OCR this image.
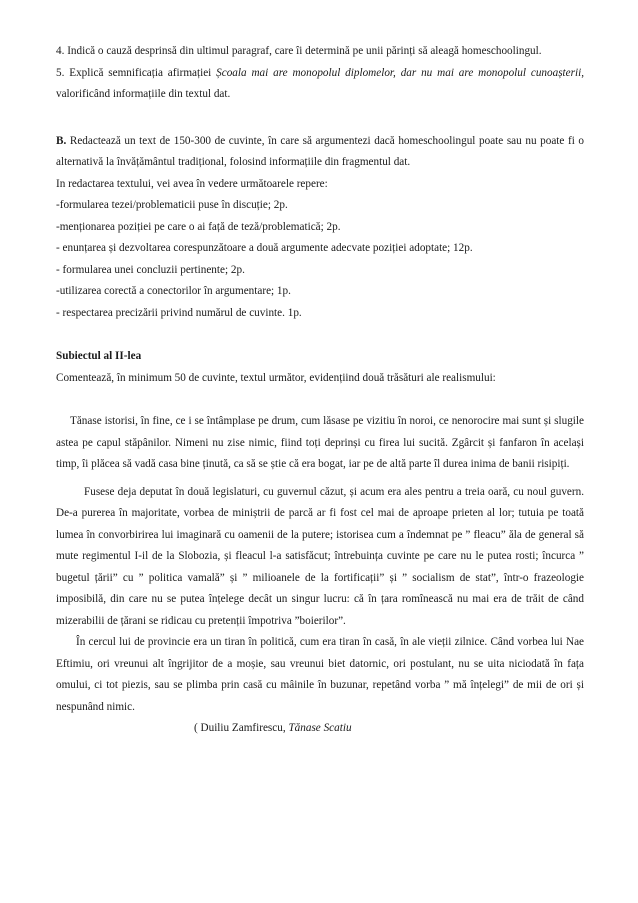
4. Indică o cauză desprinsă din ultimul paragraf, care îi determină pe unii părinți să aleagă homeschoolingul.

5. Explică semnificația afirmației Școala mai are monopolul diplomelor, dar nu mai are monopolul cunoașterii, valorificând informațiile din textul dat.

B. Redactează un text de 150-300 de cuvinte, în care să argumentezi dacă homeschoolingul poate sau nu poate fi o alternativă la învățământul tradițional, folosind informațiile din fragmentul dat.

In redactarea textului, vei avea în vedere următoarele repere:

-formularea tezei/problematicii puse în discuție; 2p.

-menționarea poziției pe care o ai față de teză/problematică; 2p.

- enunțarea și dezvoltarea corespunzătoare a două argumente adecvate poziției adoptate; 12p.

- formularea unei concluzii pertinente; 2p.

-utilizarea corectă a conectorilor în argumentare; 1p.

- respectarea precizării privind numărul de cuvinte. 1p.

Subiectul al II-lea

Comentează, în minimum 50 de cuvinte, textul următor, evidențiind două trăsături ale realismului:

Tănase istorisi, în fine, ce i se întâmplase pe drum, cum lăsase pe vizitiu în noroi, ce nenorocire mai sunt și slugile astea pe capul stăpânilor. Nimeni nu zise nimic, fiind toți deprinși cu firea lui sucită. Zgârcit și fanfaron în același timp, îi plăcea să vadă casa bine ținută, ca să se știe că era bogat, iar pe de altă parte îl durea inima de banii risipiți.

Fusese deja deputat în două legislaturi, cu guvernul căzut, și acum era ales pentru a treia oară, cu noul guvern. De-a purerea în majoritate, vorbea de miniștrii de parcă ar fi fost cel mai de aproape prieten al lor; tutuia pe toată lumea în convorbirirea lui imaginară cu oamenii de la putere; istorisea cum a îndemnat pe ” fleacu” ăla de general să mute regimentul I-il de la Slobozia, și fleacul l-a satisfăcut; întrebuința cuvinte pe care nu le putea rosti; încurca ” bugetul țării” cu ” politica vamală” și ” milioanele de la fortificații” și ” socialism de stat”, într-o frazeologie imposibilă, din care nu se putea înțelege decât un singur lucru: că în țara romînească nu mai era de trăit de când mizerabilii de țărani se ridicau cu pretenții împotriva ”boierilor”.

În cercul lui de provincie era un tiran în politică, cum era tiran în casă, în ale vieții zilnice. Când vorbea lui Nae Eftimiu, ori vreunui alt îngrijitor de a moșie, sau vreunui biet datornic, ori postulant, nu se uita niciodată în fața omului, ci tot piezis, sau se plimba prin casă cu mâinile în buzunar, repetând vorba ” mă înțelegi” de mii de ori și nespunând nimic.

( Duiliu Zamfirescu, Tănase Scatiu
